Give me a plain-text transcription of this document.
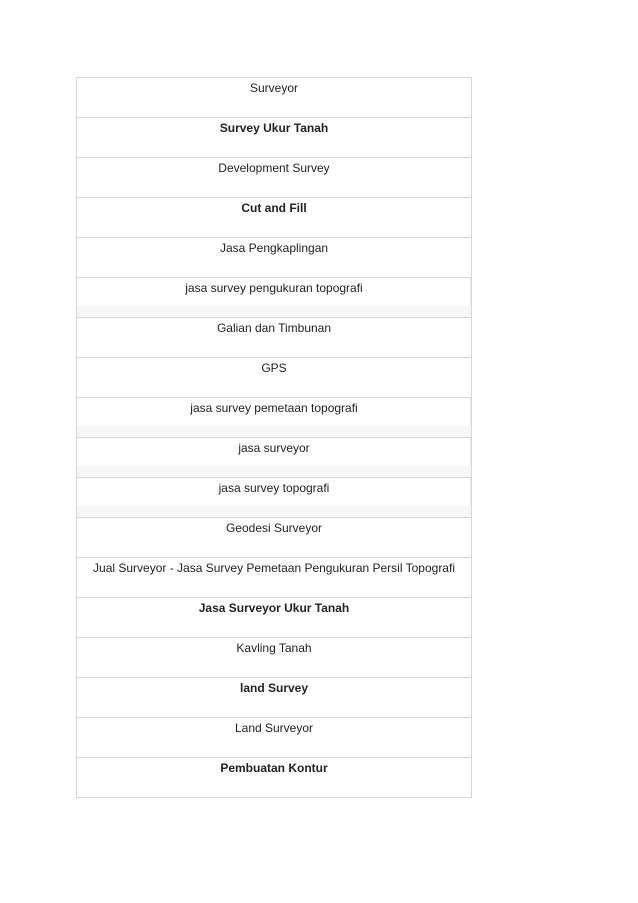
Surveyor
Survey Ukur Tanah
Development Survey
Cut and Fill
Jasa Pengkaplingan
jasa survey pengukuran topografi
Galian dan Timbunan
GPS
jasa survey pemetaan topografi
jasa surveyor
jasa survey topografi
Geodesi Surveyor
Jual Surveyor - Jasa Survey Pemetaan Pengukuran Persil Topografi
Jasa Surveyor Ukur Tanah
Kavling Tanah
land Survey
Land Surveyor
Pembuatan Kontur
